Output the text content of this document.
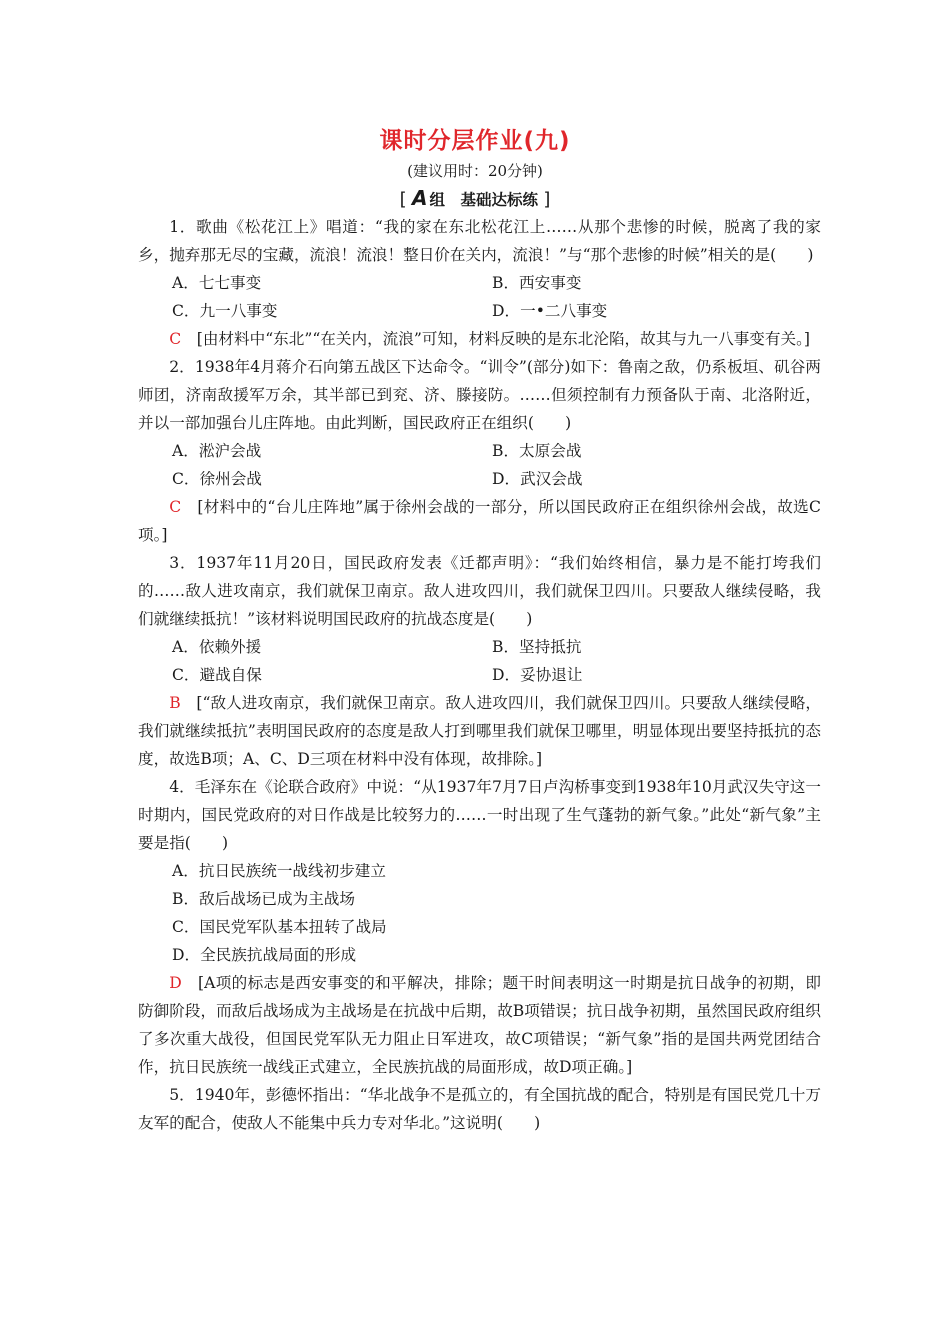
课时分层作业(九)
(建议用时：20分钟)
[ A 组　基础达标练 ]

1．歌曲《松花江上》唱道：“我的家在东北松花江上……从那个悲惨的时候，脱离了我的家乡，抛弃那无尽的宝藏，流浪！流浪！整日价在关内，流浪！”与“那个悲惨的时候”相关的是(　　)

A．七七事变	B．西安事变
C．九一八事变	D．一•二八事变

C　 [由材料中“东北”“在关内，流浪”可知，材料反映的是东北沦陷，故其与九一八事变有关。]

2．1938年4月蒋介石向第五战区下达命令。“训令”(部分)如下：鲁南之敌，仍系板垣、矶谷两师团，济南敌援军万余，其半部已到兖、济、滕接防。……但须控制有力预备队于南、北洛附近，并以一部加强台儿庄阵地。由此判断，国民政府正在组织(　　)

A．淞沪会战	B．太原会战
C．徐州会战	D．武汉会战

C　 [材料中的“台儿庄阵地”属于徐州会战的一部分，所以国民政府正在组织徐州会战，故选C项。]

3．1937年11月20日，国民政府发表《迁都声明》：“我们始终相信，暴力是不能打垮我们的……敌人进攻南京，我们就保卫南京。敌人进攻四川，我们就保卫四川。只要敌人继续侵略，我们就继续抵抗！”该材料说明国民政府的抗战态度是(　　)

A．依赖外援	B．坚持抵抗
C．避战自保	D．妥协退让

B　 [“敌人进攻南京，我们就保卫南京。敌人进攻四川，我们就保卫四川。只要敌人继续侵略，我们就继续抵抗”表明国民政府的态度是敌人打到哪里我们就保卫哪里，明显体现出要坚持抵抗的态度，故选B项；A、C、D三项在材料中没有体现，故排除。]

4．毛泽东在《论联合政府》中说：“从1937年7月7日卢沟桥事变到1938年10月武汉失守这一时期内，国民党政府的对日作战是比较努力的……一时出现了生气蓬勃的新气象。”此处“新气象”主要是指(　　)

A．抗日民族统一战线初步建立
B．敌后战场已成为主战场
C．国民党军队基本扭转了战局
D．全民族抗战局面的形成

D　 [A项的标志是西安事变的和平解决，排除；题干时间表明这一时期是抗日战争的初期，即防御阶段，而敌后战场成为主战场是在抗战中后期，故B项错误；抗日战争初期，虽然国民政府组织了多次重大战役，但国民党军队无力阻止日军进攻，故C项错误；“新气象”指的是国共两党团结合作，抗日民族统一战线正式建立，全民族抗战的局面形成，故D项正确。]

5．1940年，彭德怀指出：“华北战争不是孤立的，有全国抗战的配合，特别是有国民党几十万友军的配合，使敌人不能集中兵力专对华北。”这说明(　　)
